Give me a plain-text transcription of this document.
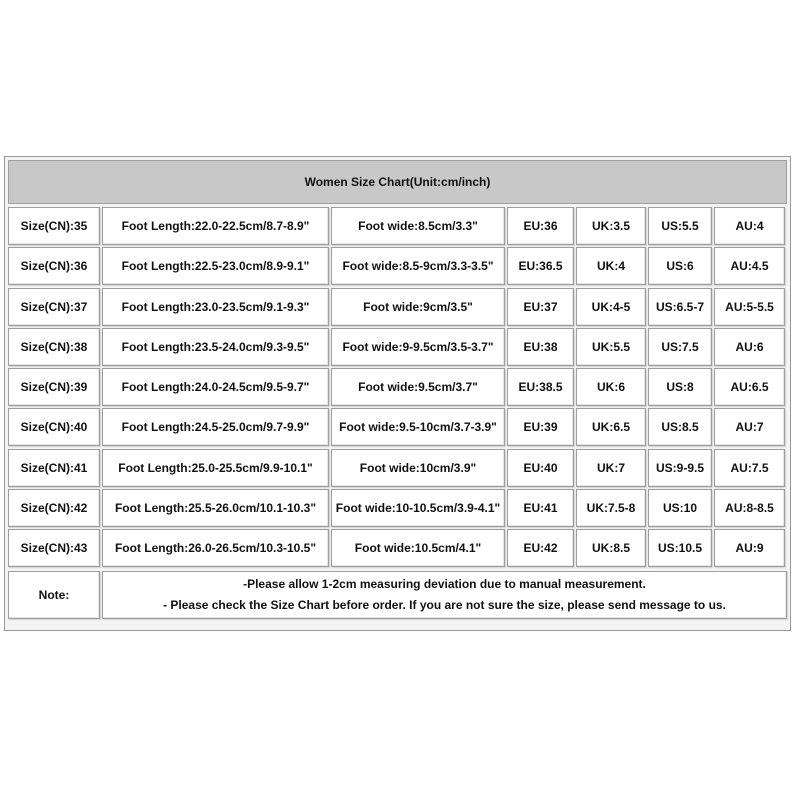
Women Size Chart(Unit:cm/inch)
Size(CN):35	Foot Length:22.0-22.5cm/8.7-8.9"	Foot wide:8.5cm/3.3"	EU:36	UK:3.5	US:5.5	AU:4
Size(CN):36	Foot Length:22.5-23.0cm/8.9-9.1"	Foot wide:8.5-9cm/3.3-3.5"	EU:36.5	UK:4	US:6	AU:4.5
Size(CN):37	Foot Length:23.0-23.5cm/9.1-9.3"	Foot wide:9cm/3.5"	EU:37	UK:4-5	US:6.5-7	AU:5-5.5
Size(CN):38	Foot Length:23.5-24.0cm/9.3-9.5"	Foot wide:9-9.5cm/3.5-3.7"	EU:38	UK:5.5	US:7.5	AU:6
Size(CN):39	Foot Length:24.0-24.5cm/9.5-9.7"	Foot wide:9.5cm/3.7"	EU:38.5	UK:6	US:8	AU:6.5
Size(CN):40	Foot Length:24.5-25.0cm/9.7-9.9"	Foot wide:9.5-10cm/3.7-3.9"	EU:39	UK:6.5	US:8.5	AU:7
Size(CN):41	Foot Length:25.0-25.5cm/9.9-10.1"	Foot wide:10cm/3.9"	EU:40	UK:7	US:9-9.5	AU:7.5
Size(CN):42	Foot Length:25.5-26.0cm/10.1-10.3"	Foot wide:10-10.5cm/3.9-4.1"	EU:41	UK:7.5-8	US:10	AU:8-8.5
Size(CN):43	Foot Length:26.0-26.5cm/10.3-10.5"	Foot wide:10.5cm/4.1"	EU:42	UK:8.5	US:10.5	AU:9
Note:
-Please allow 1-2cm measuring deviation due to manual measurement.
- Please check the Size Chart before order. If you are not sure the size, please send message to us.
